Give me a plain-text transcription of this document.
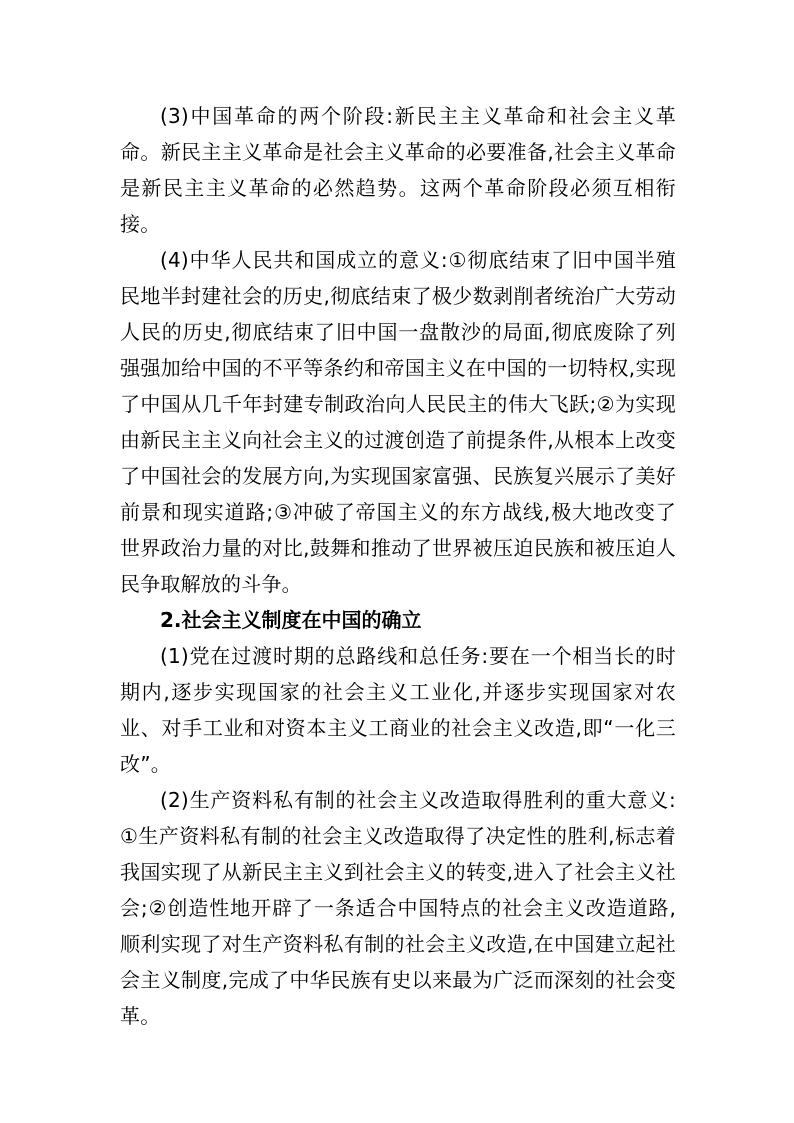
(3)中国革命的两个阶段:新民主主义革命和社会主义革命。新民主主义革命是社会主义革命的必要准备,社会主义革命是新民主主义革命的必然趋势。这两个革命阶段必须互相衔接。

(4)中华人民共和国成立的意义:①彻底结束了旧中国半殖民地半封建社会的历史,彻底结束了极少数剥削者统治广大劳动人民的历史,彻底结束了旧中国一盘散沙的局面,彻底废除了列强强加给中国的不平等条约和帝国主义在中国的一切特权,实现了中国从几千年封建专制政治向人民民主的伟大飞跃;②为实现由新民主主义向社会主义的过渡创造了前提条件,从根本上改变了中国社会的发展方向,为实现国家富强、民族复兴展示了美好前景和现实道路;③冲破了帝国主义的东方战线,极大地改变了世界政治力量的对比,鼓舞和推动了世界被压迫民族和被压迫人民争取解放的斗争。

2.社会主义制度在中国的确立

(1)党在过渡时期的总路线和总任务:要在一个相当长的时期内,逐步实现国家的社会主义工业化,并逐步实现国家对农业、对手工业和对资本主义工商业的社会主义改造,即“一化三改”。

(2)生产资料私有制的社会主义改造取得胜利的重大意义:①生产资料私有制的社会主义改造取得了决定性的胜利,标志着我国实现了从新民主主义到社会主义的转变,进入了社会主义社会;②创造性地开辟了一条适合中国特点的社会主义改造道路,顺利实现了对生产资料私有制的社会主义改造,在中国建立起社会主义制度,完成了中华民族有史以来最为广泛而深刻的社会变革。
